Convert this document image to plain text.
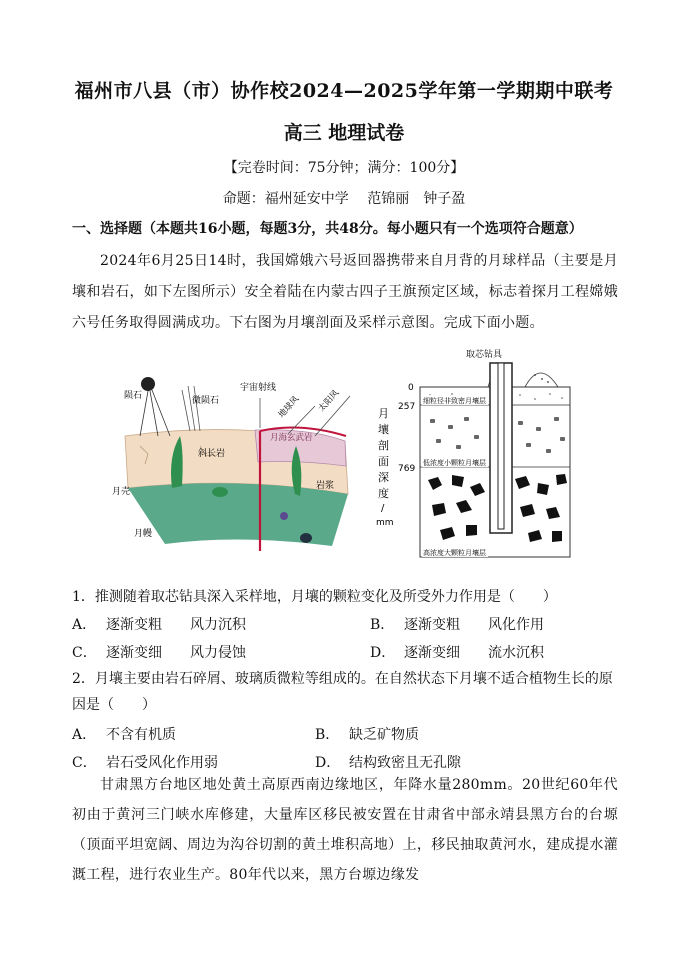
福州市八县（市）协作校2024—2025学年第一学期期中联考
高三 地理试卷
【完卷时间：75分钟；满分：100分】
命题：福州延安中学　 范锦丽　钟子盈
一、选择题（本题共16小题，每题3分，共48分。每小题只有一个选项符合题意）
2024年6月25日14时，我国嫦娥六号返回器携带来自月背的月球样品（主要是月壤和岩石，如下左图所示）安全着陆在内蒙古四子王旗预定区域，标志着探月工程嫦娥六号任务取得圆满成功。下右图为月壤剖面及采样示意图。完成下面小题。
陨石	微陨石
宇宙射线
地球风 太阳风
斜长岩
月海玄武岩
月壳
岩浆
月幔
取芯钻具
细粒径非致密月壤层
低浓度小颗粒月壤层
高浓度大颗粒月壤层
0
257
769
月
壤
剖
面
深
度
/
mm
1．推测随着取芯钻具深入采样地，月壤的颗粒变化及所受外力作用是（　　）
A． 逐渐变粗　　风力沉积	B． 逐渐变粗　　风化作用
C． 逐渐变细　　风力侵蚀	D． 逐渐变细　　流水沉积
2．月壤主要由岩石碎屑、玻璃质微粒等组成的。在自然状态下月壤不适合植物生长的原因是（　　）
A． 不含有机质	B． 缺乏矿物质
C． 岩石受风化作用弱	D． 结构致密且无孔隙
甘肃黑方台地区地处黄土高原西南边缘地区，年降水量280mm。20世纪60年代初由于黄河三门峡水库修建，大量库区移民被安置在甘肃省中部永靖县黑方台的台塬（顶面平坦宽阔、周边为沟谷切割的黄土堆积高地）上，移民抽取黄河水，建成提水灌溉工程，进行农业生产。80年代以来，黑方台塬边缘发
